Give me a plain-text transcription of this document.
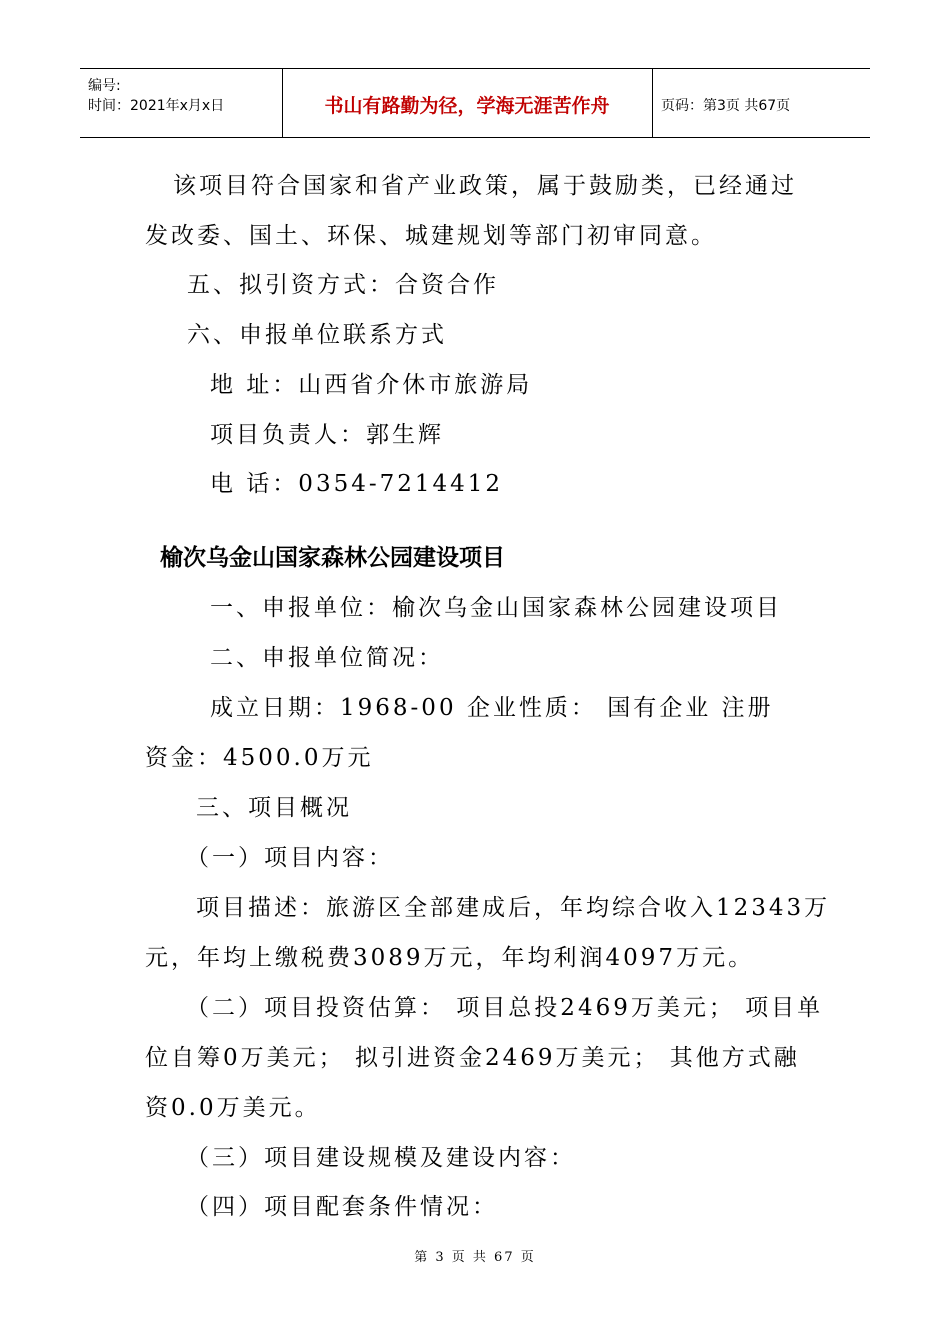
编号:
时间：2021年x月x日	书山有路勤为径，学海无涯苦作舟	页码：第3页 共67页
该项目符合国家和省产业政策，属于鼓励类，已经通过
发改委、国土、环保、城建规划等部门初审同意。
五、拟引资方式：合资合作
六、申报单位联系方式
地 址：山西省介休市旅游局
项目负责人：郭生辉
电 话：0354-7214412
榆次乌金山国家森林公园建设项目
一、申报单位：榆次乌金山国家森林公园建设项目
二、申报单位简况：
成立日期：1968-00 企业性质： 国有企业 注册
资金：4500.0万元
三、项目概况
（一）项目内容：
项目描述：旅游区全部建成后，年均综合收入12343万
元，年均上缴税费3089万元，年均利润4097万元。
（二）项目投资估算： 项目总投2469万美元； 项目单
位自筹0万美元； 拟引进资金2469万美元； 其他方式融
资0.0万美元。
（三）项目建设规模及建设内容：
（四）项目配套条件情况：
第 3 页 共 67 页
